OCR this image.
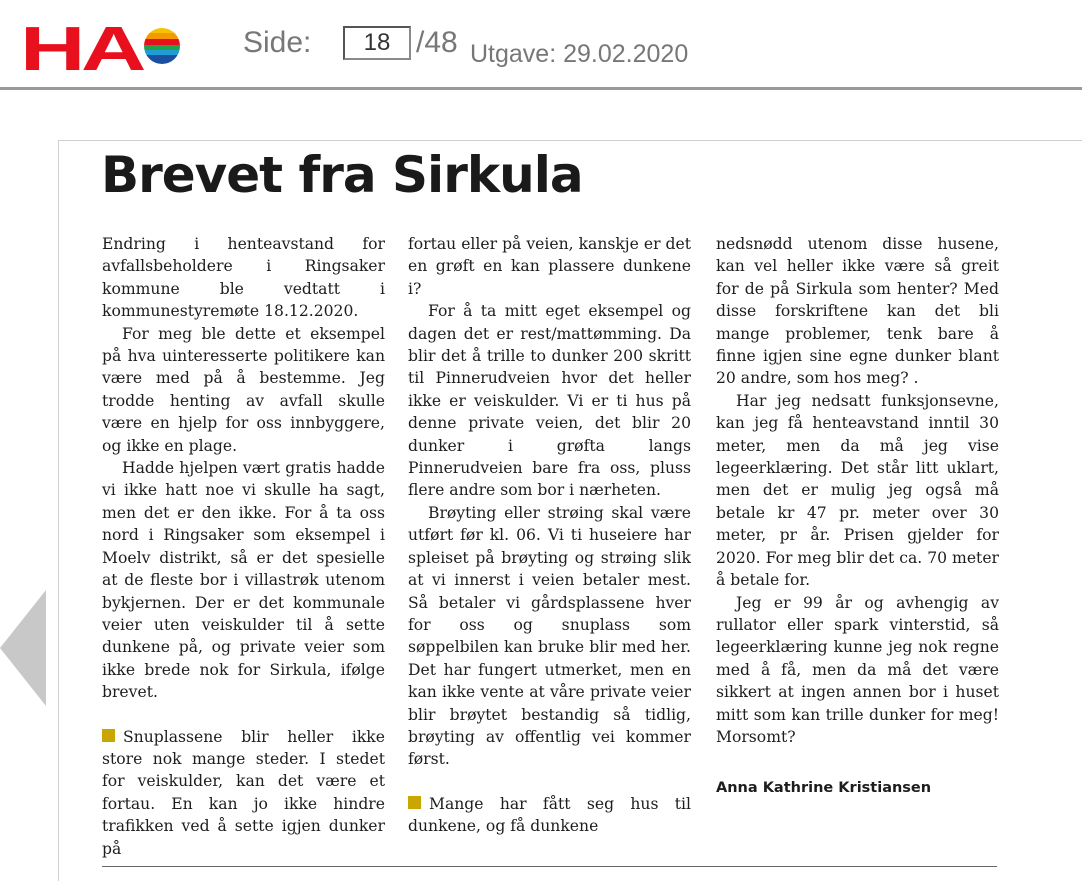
HA	Side:
18	/48 Utgave: 29.02.2020
Brevet fra Sirkula

Endring i henteavstand for avfallsbeholdere i Ringsaker kommune ble vedtatt i kommunestyremøte 18.12.2020.

For meg ble dette et eksempel på hva uinteresserte politikere kan være med på å bestemme. Jeg trodde henting av avfall skulle være en hjelp for oss innbyggere, og ikke en plage.

Hadde hjelpen vært gratis hadde vi ikke hatt noe vi skulle ha sagt, men det er den ikke. For å ta oss nord i Ringsaker som eksempel i Moelv distrikt, så er det spesielle at de fleste bor i villastrøk utenom bykjernen. Der er det kommunale veier uten veiskulder til å sette dunkene på, og private veier som ikke brede nok for Sirkula, ifølge brevet.

Snuplassene blir heller ikke store nok mange steder. I stedet for veiskulder, kan det være et fortau. En kan jo ikke hindre trafikken ved å sette igjen dunker på

fortau eller på veien, kanskje er det en grøft en kan plassere dunkene i?

For å ta mitt eget eksempel og dagen det er rest/mattømming. Da blir det å trille to dunker 200 skritt til Pinnerudveien hvor det heller ikke er veiskulder. Vi er ti hus på denne private veien, det blir 20 dunker i grøfta langs Pinnerudveien bare fra oss, pluss flere andre som bor i nærheten.

Brøyting eller strøing skal være utført før kl. 06. Vi ti huseiere har spleiset på brøyting og strøing slik at vi innerst i veien betaler mest. Så betaler vi gårdsplassene hver for oss og snuplass som søppelbilen kan bruke blir med her. Det har fungert utmerket, men en kan ikke vente at våre private veier blir brøytet bestandig så tidlig, brøyting av offentlig vei kommer først.

Mange har fått seg hus til dunkene, og få dunkene

nedsnødd utenom disse husene, kan vel heller ikke være så greit for de på Sirkula som henter? Med disse forskriftene kan det bli mange problemer, tenk bare å finne igjen sine egne dunker blant 20 andre, som hos meg? .

Har jeg nedsatt funksjonsevne, kan jeg få henteavstand inntil 30 meter, men da må jeg vise legeerklæring. Det står litt uklart, men det er mulig jeg også må betale kr 47 pr. meter over 30 meter, pr år. Prisen gjelder for 2020. For meg blir det ca. 70 meter å betale for.

Jeg er 99 år og avhengig av rullator eller spark vinterstid, så legeerklæring kunne jeg nok regne med å få, men da må det være sikkert at ingen annen bor i huset mitt som kan trille dunker for meg! Morsomt?

Anna Kathrine Kristiansen
